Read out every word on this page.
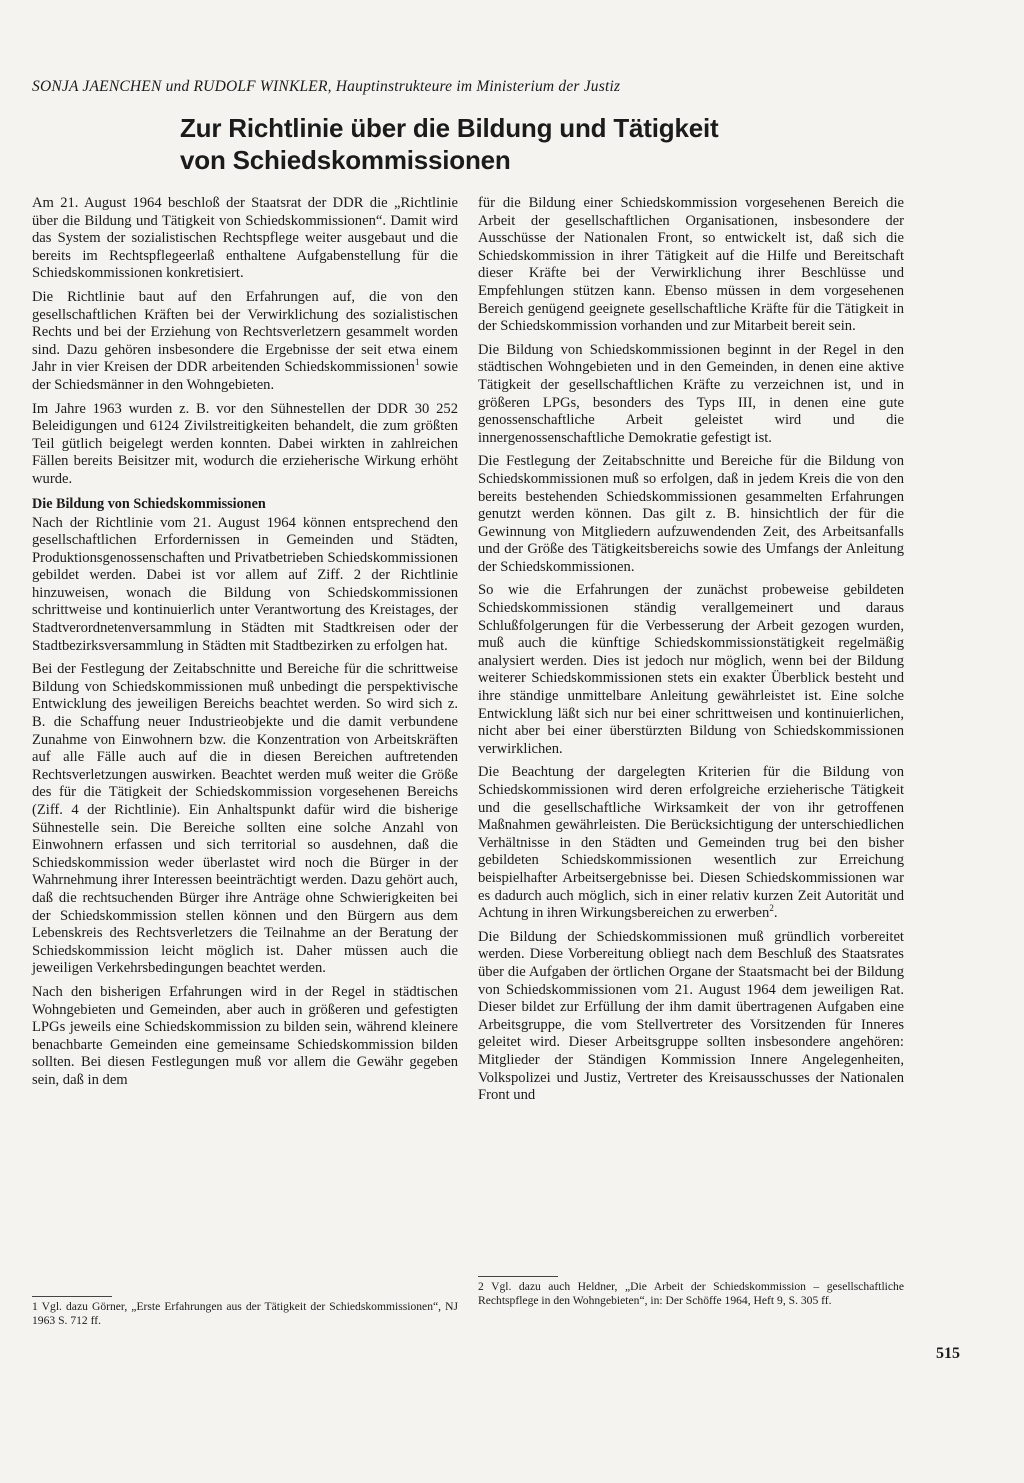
SONJA JAENCHEN und RUDOLF WINKLER, Hauptinstrukteure im Ministerium der Justiz
Zur Richtlinie über die Bildung und Tätigkeit
von Schiedskommissionen

Am 21. August 1964 beschloß der Staatsrat der DDR die „Richtlinie über die Bildung und Tätigkeit von Schiedskommissionen“. Damit wird das System der sozialistischen Rechtspflege weiter ausgebaut und die bereits im Rechtspflegeerlaß enthaltene Aufgabenstellung für die Schiedskommissionen konkretisiert.

Die Richtlinie baut auf den Erfahrungen auf, die von den gesellschaftlichen Kräften bei der Verwirklichung des sozialistischen Rechts und bei der Erziehung von Rechtsverletzern gesammelt worden sind. Dazu gehören insbesondere die Ergebnisse der seit etwa einem Jahr in vier Kreisen der DDR arbeitenden Schiedskommissionen$^1$ sowie der Schiedsmänner in den Wohngebieten.

Im Jahre 1963 wurden z. B. vor den Sühnestellen der DDR 30 252 Beleidigungen und 6124 Zivilstreitigkeiten behandelt, die zum größten Teil gütlich beigelegt werden konnten. Dabei wirkten in zahlreichen Fällen bereits Beisitzer mit, wodurch die erzieherische Wirkung erhöht wurde.

Die Bildung von Schiedskommissionen

Nach der Richtlinie vom 21. August 1964 können entsprechend den gesellschaftlichen Erfordernissen in Gemeinden und Städten, Produktionsgenossenschaften und Privatbetrieben Schiedskommissionen gebildet werden. Dabei ist vor allem auf Ziff. 2 der Richtlinie hinzuweisen, wonach die Bildung von Schiedskommissionen schrittweise und kontinuierlich unter Verantwortung des Kreistages, der Stadtverordnetenversammlung in Städten mit Stadtkreisen oder der Stadtbezirksversammlung in Städten mit Stadtbezirken zu erfolgen hat.

Bei der Festlegung der Zeitabschnitte und Bereiche für die schrittweise Bildung von Schiedskommissionen muß unbedingt die perspektivische Entwicklung des jeweiligen Bereichs beachtet werden. So wird sich z. B. die Schaffung neuer Industrieobjekte und die damit verbundene Zunahme von Einwohnern bzw. die Konzentration von Arbeitskräften auf alle Fälle auch auf die in diesen Bereichen auftretenden Rechtsverletzungen auswirken. Beachtet werden muß weiter die Größe des für die Tätigkeit der Schiedskommission vorgesehenen Bereichs (Ziff. 4 der Richtlinie). Ein Anhaltspunkt dafür wird die bisherige Sühnestelle sein. Die Bereiche sollten eine solche Anzahl von Einwohnern erfassen und sich territorial so ausdehnen, daß die Schiedskommission weder überlastet wird noch die Bürger in der Wahrnehmung ihrer Interessen beeinträchtigt werden. Dazu gehört auch, daß die rechtsuchenden Bürger ihre Anträge ohne Schwierigkeiten bei der Schiedskommission stellen können und den Bürgern aus dem Lebenskreis des Rechtsverletzers die Teilnahme an der Beratung der Schiedskommission leicht möglich ist. Daher müssen auch die jeweiligen Verkehrsbedingungen beachtet werden.

Nach den bisherigen Erfahrungen wird in der Regel in städtischen Wohngebieten und Gemeinden, aber auch in größeren und gefestigten LPGs jeweils eine Schiedskommission zu bilden sein, während kleinere benachbarte Gemeinden eine gemeinsame Schiedskommission bilden sollten. Bei diesen Festlegungen muß vor allem die Gewähr gegeben sein, daß in dem

für die Bildung einer Schiedskommission vorgesehenen Bereich die Arbeit der gesellschaftlichen Organisationen, insbesondere der Ausschüsse der Nationalen Front, so entwickelt ist, daß sich die Schiedskommission in ihrer Tätigkeit auf die Hilfe und Bereitschaft dieser Kräfte bei der Verwirklichung ihrer Beschlüsse und Empfehlungen stützen kann. Ebenso müssen in dem vorgesehenen Bereich genügend geeignete gesellschaftliche Kräfte für die Tätigkeit in der Schiedskommission vorhanden und zur Mitarbeit bereit sein.

Die Bildung von Schiedskommissionen beginnt in der Regel in den städtischen Wohngebieten und in den Gemeinden, in denen eine aktive Tätigkeit der gesellschaftlichen Kräfte zu verzeichnen ist, und in größeren LPGs, besonders des Typs III, in denen eine gute genossenschaftliche Arbeit geleistet wird und die innergenossenschaftliche Demokratie gefestigt ist.

Die Festlegung der Zeitabschnitte und Bereiche für die Bildung von Schiedskommissionen muß so erfolgen, daß in jedem Kreis die von den bereits bestehenden Schiedskommissionen gesammelten Erfahrungen genutzt werden können. Das gilt z. B. hinsichtlich der für die Gewinnung von Mitgliedern aufzuwendenden Zeit, des Arbeitsanfalls und der Größe des Tätigkeitsbereichs sowie des Umfangs der Anleitung der Schiedskommissionen.

So wie die Erfahrungen der zunächst probeweise gebildeten Schiedskommissionen ständig verallgemeinert und daraus Schlußfolgerungen für die Verbesserung der Arbeit gezogen wurden, muß auch die künftige Schiedskommissionstätigkeit regelmäßig analysiert werden. Dies ist jedoch nur möglich, wenn bei der Bildung weiterer Schiedskommissionen stets ein exakter Überblick besteht und ihre ständige unmittelbare Anleitung gewährleistet ist. Eine solche Entwicklung läßt sich nur bei einer schrittweisen und kontinuierlichen, nicht aber bei einer überstürzten Bildung von Schiedskommissionen verwirklichen.

Die Beachtung der dargelegten Kriterien für die Bildung von Schiedskommissionen wird deren erfolgreiche erzieherische Tätigkeit und die gesellschaftliche Wirksamkeit der von ihr getroffenen Maßnahmen gewährleisten. Die Berücksichtigung der unterschiedlichen Verhältnisse in den Städten und Gemeinden trug bei den bisher gebildeten Schiedskommissionen wesentlich zur Erreichung beispielhafter Arbeitsergebnisse bei. Diesen Schiedskommissionen war es dadurch auch möglich, sich in einer relativ kurzen Zeit Autorität und Achtung in ihren Wirkungsbereichen zu erwerben$^2$.

Die Bildung der Schiedskommissionen muß gründlich vorbereitet werden. Diese Vorbereitung obliegt nach dem Beschluß des Staatsrates über die Aufgaben der örtlichen Organe der Staatsmacht bei der Bildung von Schiedskommissionen vom 21. August 1964 dem jeweiligen Rat. Dieser bildet zur Erfüllung der ihm damit übertragenen Aufgaben eine Arbeitsgruppe, die vom Stellvertreter des Vorsitzenden für Inneres geleitet wird. Dieser Arbeitsgruppe sollten insbesondere angehören: Mitglieder der Ständigen Kommission Innere Angelegenheiten, Volkspolizei und Justiz, Vertreter des Kreisausschusses der Nationalen Front und

1 Vgl. dazu Görner, „Erste Erfahrungen aus der Tätigkeit der Schiedskommissionen“, NJ 1963 S. 712 ff.
2 Vgl. dazu auch Heldner, „Die Arbeit der Schiedskommission – gesellschaftliche Rechtspflege in den Wohngebieten“, in: Der Schöffe 1964, Heft 9, S. 305 ff.
515
